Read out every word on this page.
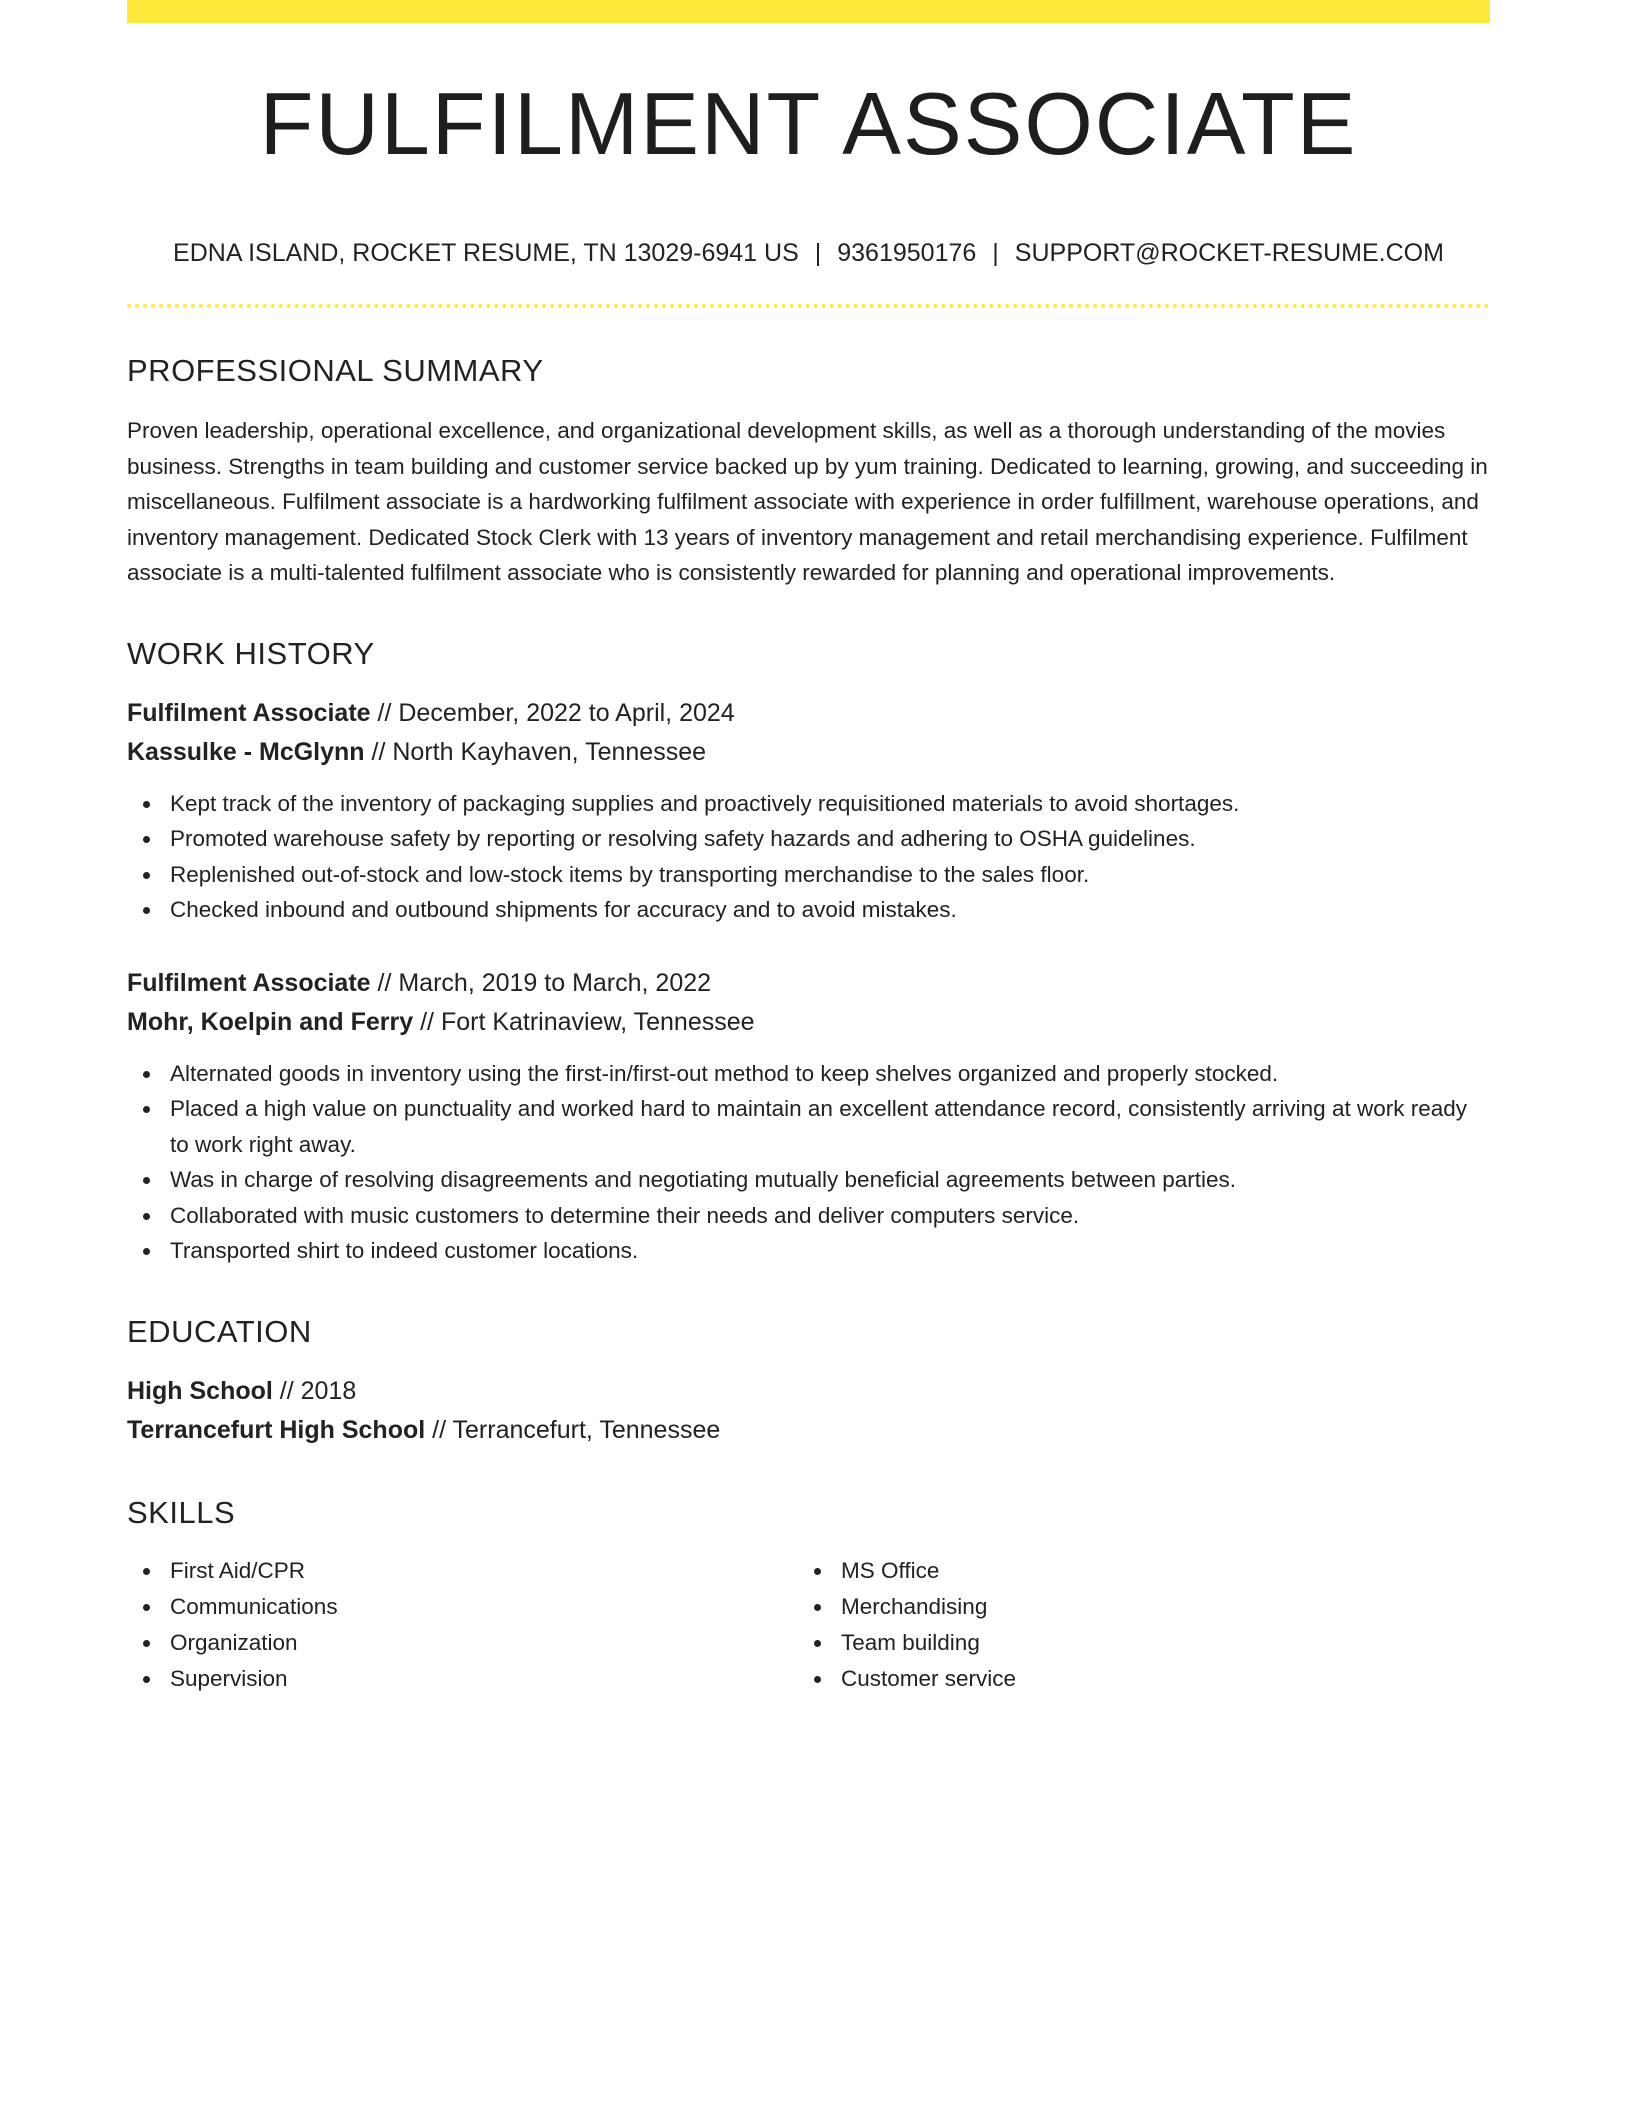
FULFILMENT ASSOCIATE
EDNA ISLAND, ROCKET RESUME, TN 13029-6941 US | 9361950176 | SUPPORT@ROCKET-RESUME.COM
PROFESSIONAL SUMMARY

Proven leadership, operational excellence, and organizational development skills, as well as a thorough understanding of the movies business. Strengths in team building and customer service backed up by yum training. Dedicated to learning, growing, and succeeding in miscellaneous. Fulfilment associate is a hardworking fulfilment associate with experience in order fulfillment, warehouse operations, and inventory management. Dedicated Stock Clerk with 13 years of inventory management and retail merchandising experience. Fulfilment associate is a multi-talented fulfilment associate who is consistently rewarded for planning and operational improvements.

WORK HISTORY
Fulfilment Associate // December, 2022 to April, 2024
Kassulke - McGlynn // North Kayhaven, Tennessee
Kept track of the inventory of packaging supplies and proactively requisitioned materials to avoid shortages.
Promoted warehouse safety by reporting or resolving safety hazards and adhering to OSHA guidelines.
Replenished out-of-stock and low-stock items by transporting merchandise to the sales floor.
Checked inbound and outbound shipments for accuracy and to avoid mistakes.
Fulfilment Associate // March, 2019 to March, 2022
Mohr, Koelpin and Ferry // Fort Katrinaview, Tennessee
Alternated goods in inventory using the first-in/first-out method to keep shelves organized and properly stocked.
Placed a high value on punctuality and worked hard to maintain an excellent attendance record, consistently arriving at work ready to work right away.
Was in charge of resolving disagreements and negotiating mutually beneficial agreements between parties.
Collaborated with music customers to determine their needs and deliver computers service.
Transported shirt to indeed customer locations.
EDUCATION
High School // 2018
Terrancefurt High School // Terrancefurt, Tennessee
SKILLS
First Aid/CPR
Communications
Organization
Supervision
MS Office
Merchandising
Team building
Customer service
